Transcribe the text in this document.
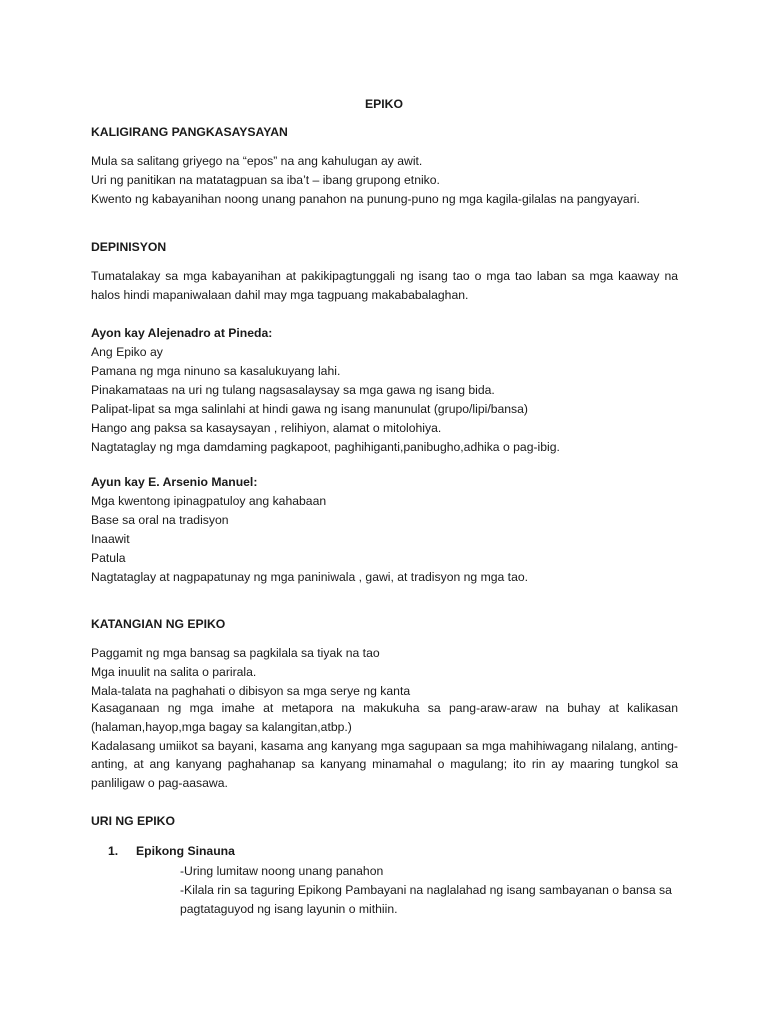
EPIKO
KALIGIRANG PANGKASAYSAYAN
Mula sa salitang griyego na “epos” na ang kahulugan ay awit.
Uri ng panitikan na matatagpuan sa iba’t – ibang grupong etniko.
Kwento ng kabayanihan noong unang panahon na punung-puno ng mga kagila-gilalas na pangyayari.
DEPINISYON

Tumatalakay sa mga kabayanihan at pakikipagtunggali ng isang tao o mga tao laban sa mga kaaway na halos hindi mapaniwalaan dahil may mga tagpuang makababalaghan.

Ayon kay Alejenadro at Pineda:
Ang Epiko ay
Pamana ng mga ninuno sa kasalukuyang lahi.
Pinakamataas na uri ng tulang nagsasalaysay sa mga gawa ng isang bida.
Palipat-lipat sa mga salinlahi at hindi gawa ng isang manunulat (grupo/lipi/bansa)
Hango ang paksa sa kasaysayan , relihiyon, alamat o mitolohiya.
Nagtataglay ng mga damdaming pagkapoot, paghihiganti,panibugho,adhika o pag-ibig.
Ayun kay E. Arsenio Manuel:
Mga kwentong ipinagpatuloy ang kahabaan
Base sa oral na tradisyon
Inaawit
Patula
Nagtataglay at nagpapatunay ng mga paniniwala , gawi, at tradisyon ng mga tao.
KATANGIAN NG EPIKO
Paggamit ng mga bansag sa pagkilala sa tiyak na tao
Mga inuulit na salita o parirala.
Mala-talata na paghahati o dibisyon sa mga serye ng kanta

Kasaganaan ng mga imahe at metapora na makukuha sa pang-araw-araw na buhay at kalikasan (halaman,hayop,mga bagay sa kalangitan,atbp.)

Kadalasang umiikot sa bayani, kasama ang kanyang mga sagupaan sa mga mahihiwagang nilalang, anting-anting, at ang kanyang paghahanap sa kanyang minamahal o magulang; ito rin ay maaring tungkol sa panliligaw o pag-aasawa.

URI NG EPIKO
1. Epikong Sinauna

-Uring lumitaw noong unang panahon

-Kilala rin sa taguring Epikong Pambayani na naglalahad ng isang sambayanan o bansa sa pagtataguyod ng isang layunin o mithiin.
